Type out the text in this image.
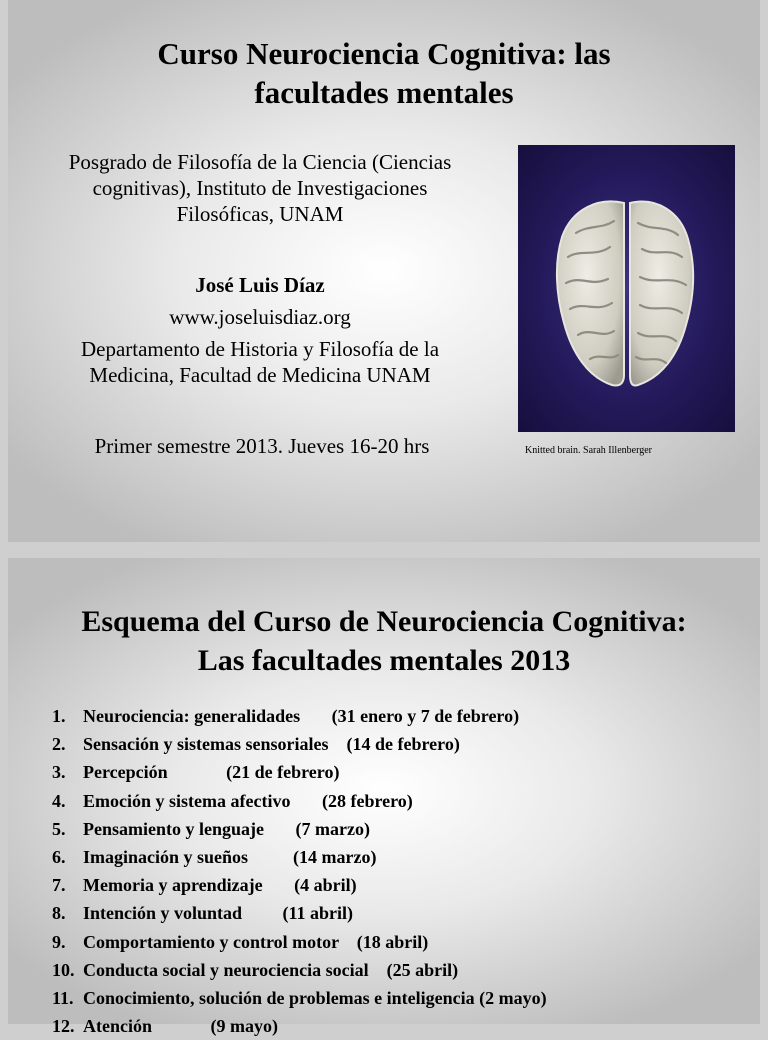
Curso Neurociencia Cognitiva: las
facultades mentales

Posgrado de Filosofía de la Ciencia (Ciencias

cognitivas), Instituto de Investigaciones

Filosóficas, UNAM

José Luis Díaz

www.joseluisdiaz.org

Departamento de Historia y Filosofía de la

Medicina, Facultad de Medicina UNAM

Primer semestre 2013. Jueves 16-20 hrs	Knitted brain. Sarah Illenberger
Esquema del Curso de Neurociencia Cognitiva:
Las facultades mentales 2013
1. Neurociencia: generalidades       (31 enero y 7 de febrero)
2. Sensación y sistemas sensoriales    (14 de febrero)
3. Percepción             (21 de febrero)
4. Emoción y sistema afectivo       (28 febrero)
5. Pensamiento y lenguaje       (7 marzo)
6. Imaginación y sueños          (14 marzo)
7. Memoria y aprendizaje       (4 abril)
8. Intención y voluntad         (11 abril)
9. Comportamiento y control motor    (18 abril)
10. Conducta social y neurociencia social    (25 abril)
11. Conocimiento, solución de problemas e inteligencia (2 mayo)
12. Atención             (9 mayo)
